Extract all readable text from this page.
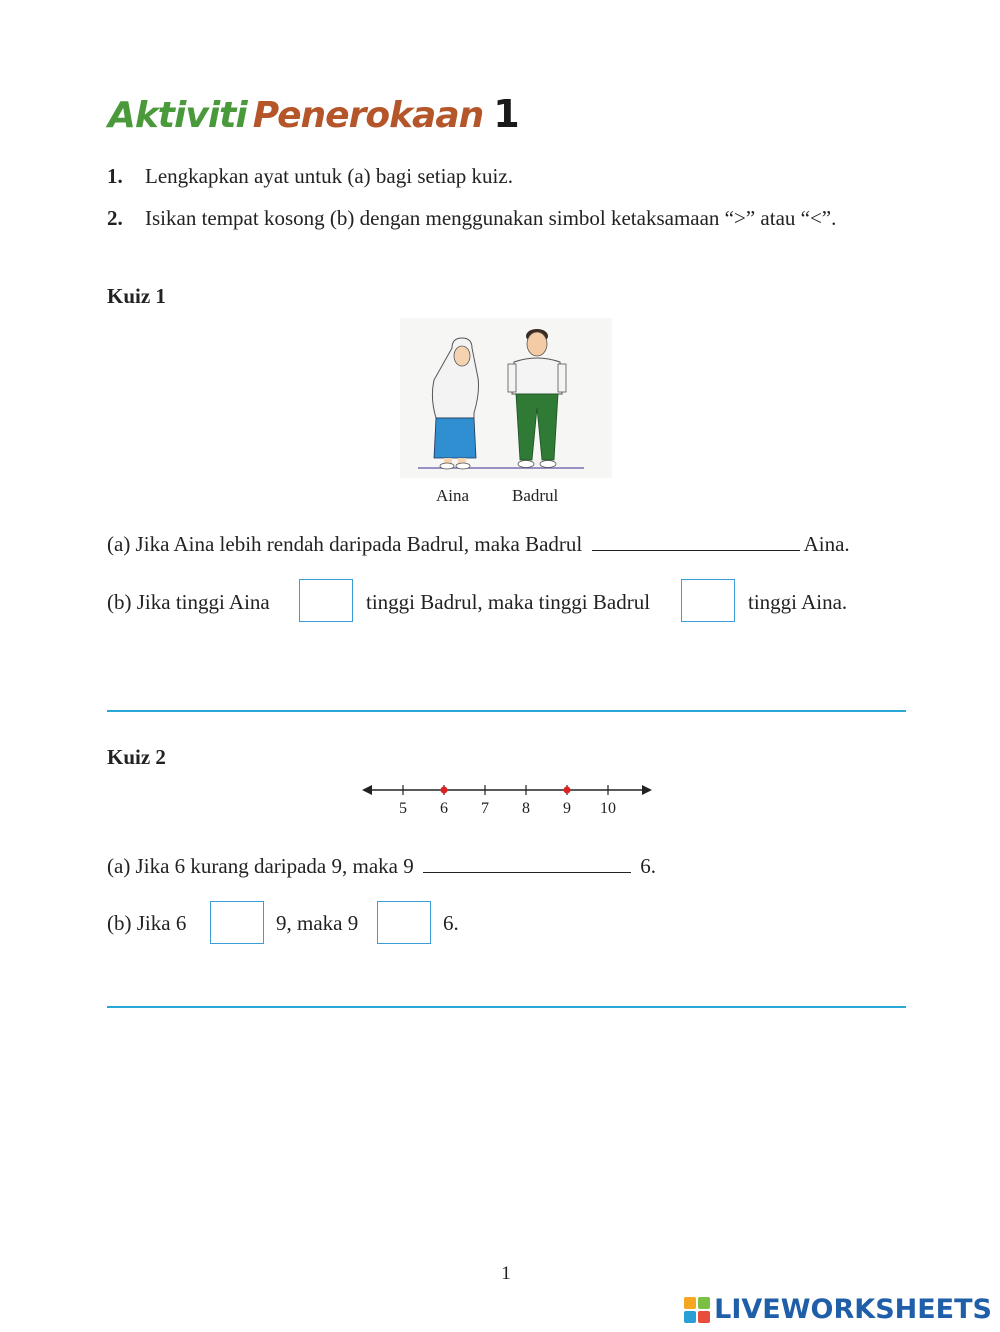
Aktiviti Penerokaan 1
1. Lengkapkan ayat untuk (a) bagi setiap kuiz.
2. Isikan tempat kosong (b) dengan menggunakan simbol ketaksamaan “>” atau “<”.
Kuiz 1
Aina	Badrul
(a) Jika Aina lebih rendah daripada Badrul, maka Badrul	Aina.
(b) Jika tinggi Aina	tinggi Badrul, maka tinggi Badrul	tinggi Aina.
Kuiz 2
5 6 7 8 9 10
(a) Jika 6 kurang daripada 9, maka 9	6.
(b) Jika 6	9, maka 9	6.
1
LIVEWORKSHEETS
